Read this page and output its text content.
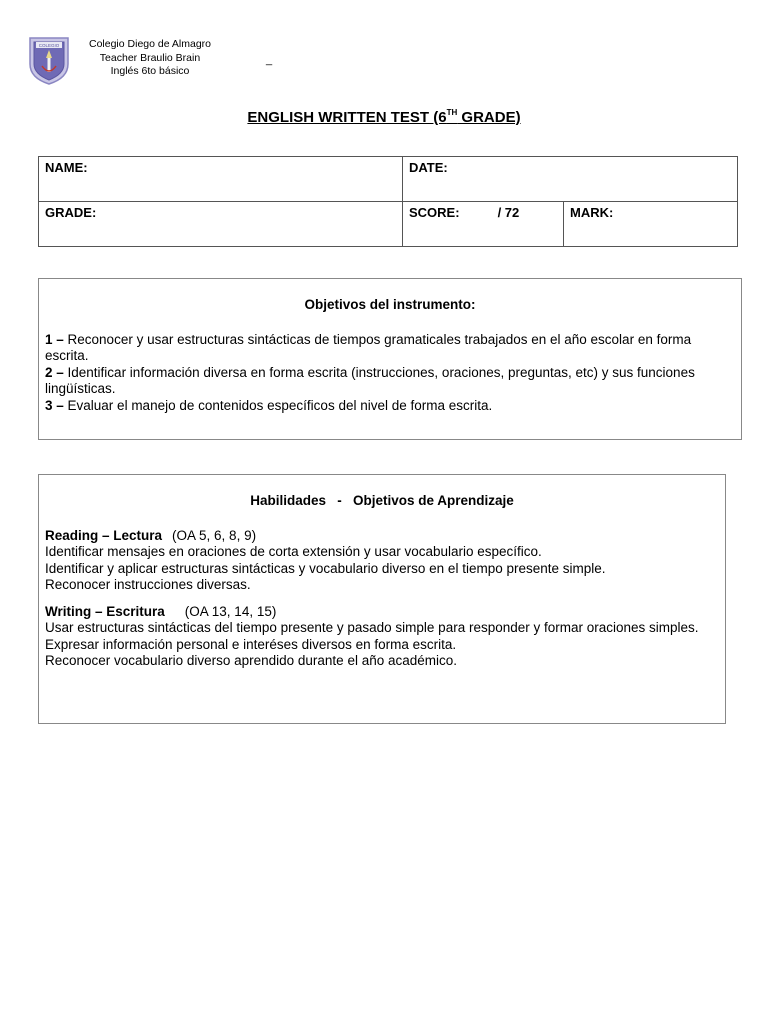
COLEGIO	Colegio Diego de Almagro
Teacher Braulio Brain
Inglés 6to básico
_
ENGLISH WRITTEN TEST (6TH GRADE)
NAME:	DATE:	
GRADE:	SCORE: / 72	MARK:
Objetivos del instrumento:

1 – Reconocer y usar estructuras sintácticas de tiempos gramaticales trabajados en el año escolar en forma escrita.

2 – Identificar información diversa en forma escrita (instrucciones, oraciones, preguntas, etc) y sus funciones lingüísticas.

3 – Evaluar el manejo de contenidos específicos del nivel de forma escrita.

Habilidades   -   Objetivos de Aprendizaje
Reading – Lectura (OA 5, 6, 8, 9)
Identificar mensajes en oraciones de corta extensión y usar vocabulario específico.
Identificar y aplicar estructuras sintácticas y vocabulario diverso en el tiempo presente simple.
Reconocer instrucciones diversas.
Writing – Escritura (OA 13, 14, 15)
Usar estructuras sintácticas del tiempo presente y pasado simple para responder y formar oraciones simples.
Expresar información personal e interéses diversos en forma escrita.
Reconocer vocabulario diverso aprendido durante el año académico.
